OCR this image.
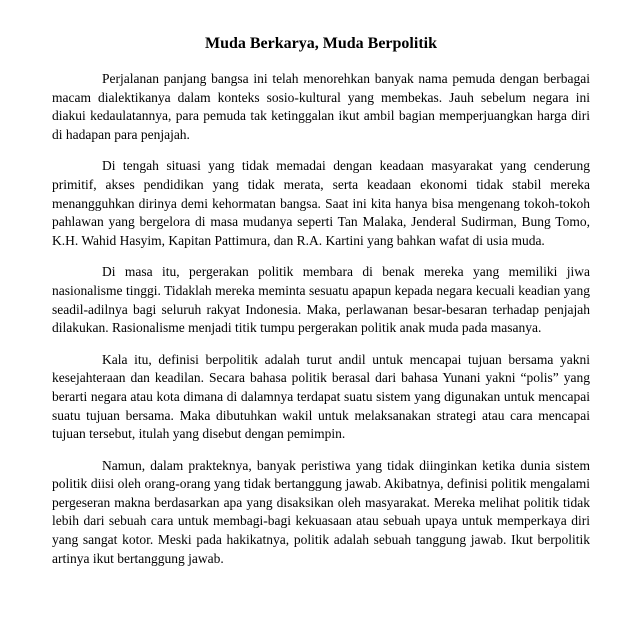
Muda Berkarya, Muda Berpolitik

Perjalanan panjang bangsa ini telah menorehkan banyak nama pemuda dengan berbagai macam dialektikanya dalam konteks sosio-kultural yang membekas. Jauh sebelum negara ini diakui kedaulatannya, para pemuda tak ketinggalan ikut ambil bagian memperjuangkan harga diri di hadapan para penjajah.

Di tengah situasi yang tidak memadai dengan keadaan masyarakat yang cenderung primitif, akses pendidikan yang tidak merata, serta keadaan ekonomi tidak stabil mereka menangguhkan dirinya demi kehormatan bangsa. Saat ini kita hanya bisa mengenang tokoh-tokoh pahlawan yang bergelora di masa mudanya seperti Tan Malaka, Jenderal Sudirman, Bung Tomo, K.H. Wahid Hasyim, Kapitan Pattimura, dan R.A. Kartini yang bahkan wafat di usia muda.

Di masa itu, pergerakan politik membara di benak mereka yang memiliki jiwa nasionalisme tinggi. Tidaklah mereka meminta sesuatu apapun kepada negara kecuali keadian yang seadil-adilnya bagi seluruh rakyat Indonesia. Maka, perlawanan besar-besaran terhadap penjajah dilakukan. Rasionalisme menjadi titik tumpu pergerakan politik anak muda pada masanya.

Kala itu, definisi berpolitik adalah turut andil untuk mencapai tujuan bersama yakni kesejahteraan dan keadilan. Secara bahasa politik berasal dari bahasa Yunani yakni “polis” yang berarti negara atau kota dimana di dalamnya terdapat suatu sistem yang digunakan untuk mencapai suatu tujuan bersama. Maka dibutuhkan wakil untuk melaksanakan strategi atau cara mencapai tujuan tersebut, itulah yang disebut dengan pemimpin.

Namun, dalam prakteknya, banyak peristiwa yang tidak diinginkan ketika dunia sistem politik diisi oleh orang-orang yang tidak bertanggung jawab. Akibatnya, definisi politik mengalami pergeseran makna berdasarkan apa yang disaksikan oleh masyarakat. Mereka melihat politik tidak lebih dari sebuah cara untuk membagi-bagi kekuasaan atau sebuah upaya untuk memperkaya diri yang sangat kotor. Meski pada hakikatnya, politik adalah sebuah tanggung jawab. Ikut berpolitik artinya ikut bertanggung jawab.
